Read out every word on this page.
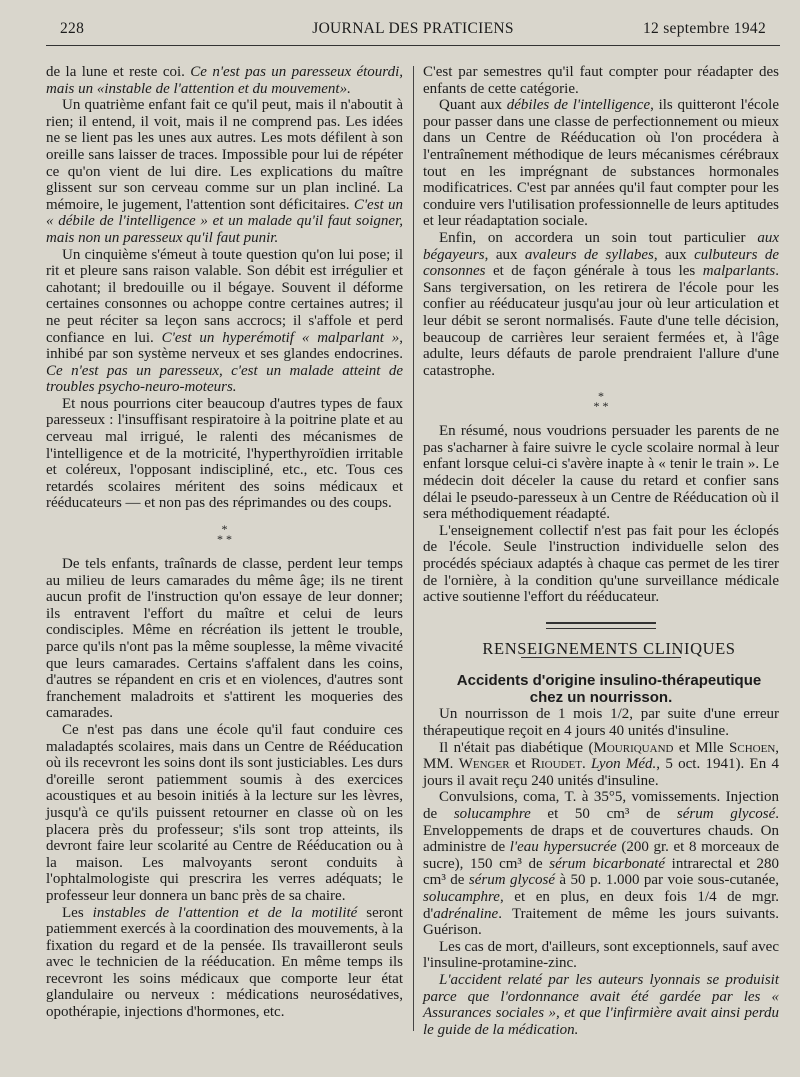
228	JOURNAL DES PRATICIENS	12 septembre 1942

de la lune et reste coi. Ce n'est pas un paresseux étourdi, mais un «instable de l'attention et du mouvement».

Un quatrième enfant fait ce qu'il peut, mais il n'aboutit à rien; il entend, il voit, mais il ne comprend pas. Les idées ne se lient pas les unes aux autres. Les mots défilent à son oreille sans laisser de traces. Impossible pour lui de répéter ce qu'on vient de lui dire. Les explications du maître glissent sur son cerveau comme sur un plan incliné. La mémoire, le jugement, l'attention sont déficitaires. C'est un « débile de l'intelligence » et un malade qu'il faut soigner, mais non un paresseux qu'il faut punir.

Un cinquième s'émeut à toute question qu'on lui pose; il rit et pleure sans raison valable. Son débit est irrégulier et cahotant; il bredouille ou il bégaye. Souvent il déforme certaines consonnes ou achoppe contre certaines autres; il ne peut réciter sa leçon sans accrocs; il s'affole et perd confiance en lui. C'est un hyperémotif « malparlant », inhibé par son système nerveux et ses glandes endocrines. Ce n'est pas un paresseux, c'est un malade atteint de troubles psycho-neuro-moteurs.

Et nous pourrions citer beaucoup d'autres types de faux paresseux : l'insuffisant respiratoire à la poitrine plate et au cerveau mal irrigué, le ralenti des mécanismes de l'intelligence et de la motricité, l'hyperthyroïdien irritable et coléreux, l'opposant indiscipliné, etc., etc. Tous ces retardés scolaires méritent des soins médicaux et rééducateurs — et non pas des réprimandes ou des coups.

*
* *

De tels enfants, traînards de classe, perdent leur temps au milieu de leurs camarades du même âge; ils ne tirent aucun profit de l'instruction qu'on essaye de leur donner; ils entravent l'effort du maître et celui de leurs condisciples. Même en récréation ils jettent le trouble, parce qu'ils n'ont pas la même souplesse, la même vivacité que leurs camarades. Certains s'affalent dans les coins, d'autres se répandent en cris et en violences, d'autres sont franchement maladroits et s'attirent les moqueries des camarades.

Ce n'est pas dans une école qu'il faut conduire ces maladaptés scolaires, mais dans un Centre de Rééducation où ils recevront les soins dont ils sont justiciables. Les durs d'oreille seront patiemment soumis à des exercices acoustiques et au besoin initiés à la lecture sur les lèvres, jusqu'à ce qu'ils puissent retourner en classe où on les placera près du professeur; s'ils sont trop atteints, ils devront faire leur scolarité au Centre de Rééducation ou à la maison. Les malvoyants seront conduits à l'ophtalmologiste qui prescrira les verres adéquats; le professeur leur donnera un banc près de sa chaire.

Les instables de l'attention et de la motilité seront patiemment exercés à la coordination des mouvements, à la fixation du regard et de la pensée. Ils travailleront seuls avec le technicien de la rééducation. En même temps ils recevront les soins médicaux que comporte leur état glandulaire ou nerveux : médications neurosédatives, opothérapie, injections d'hormones, etc.

C'est par semestres qu'il faut compter pour réadapter des enfants de cette catégorie.

Quant aux débiles de l'intelligence, ils quitteront l'école pour passer dans une classe de perfectionnement ou mieux dans un Centre de Rééducation où l'on procédera à l'entraînement méthodique de leurs mécanismes cérébraux tout en les imprégnant de substances hormonales modificatrices. C'est par années qu'il faut compter pour les conduire vers l'utilisation professionnelle de leurs aptitudes et leur réadaptation sociale.

Enfin, on accordera un soin tout particulier aux bégayeurs, aux avaleurs de syllabes, aux culbuteurs de consonnes et de façon générale à tous les malparlants. Sans tergiversation, on les retirera de l'école pour les confier au rééducateur jusqu'au jour où leur articulation et leur débit se seront normalisés. Faute d'une telle décision, beaucoup de carrières leur seraient fermées et, à l'âge adulte, leurs défauts de parole prendraient l'allure d'une catastrophe.

*
* *

En résumé, nous voudrions persuader les parents de ne pas s'acharner à faire suivre le cycle scolaire normal à leur enfant lorsque celui-ci s'avère inapte à « tenir le train ». Le médecin doit déceler la cause du retard et confier sans délai le pseudo-paresseux à un Centre de Rééducation où il sera méthodiquement réadapté.

L'enseignement collectif n'est pas fait pour les éclopés de l'école. Seule l'instruction individuelle selon des procédés spéciaux adaptés à chaque cas permet de les tirer de l'ornière, à la condition qu'une surveillance médicale active soutienne l'effort du rééducateur.

RENSEIGNEMENTS CLINIQUES

Accidents d'origine insulino-thérapeutique
chez un nourrisson.

Un nourrisson de 1 mois 1/2, par suite d'une erreur thérapeutique reçoit en 4 jours 40 unités d'insuline.

Il n'était pas diabétique (Mouriquand et Mlle Schoen, MM. Wenger et Rioudet. Lyon Méd., 5 oct. 1941). En 4 jours il avait reçu 240 unités d'insuline.

Convulsions, coma, T. à 35°5, vomissements. Injection de solucamphre et 50 cm³ de sérum glycosé. Enveloppements de draps et de couvertures chauds. On administre de l'eau hypersucrée (200 gr. et 8 morceaux de sucre), 150 cm³ de sérum bicarbonaté intrarectal et 280 cm³ de sérum glycosé à 50 p. 1.000 par voie sous-cutanée, solucamphre, et en plus, en deux fois 1/4 de mgr. d'adrénaline. Traitement de même les jours suivants. Guérison.

Les cas de mort, d'ailleurs, sont exceptionnels, sauf avec l'insuline-protamine-zinc.

L'accident relaté par les auteurs lyonnais se produisit parce que l'ordonnance avait été gardée par les « Assurances sociales », et que l'infirmière avait ainsi perdu le guide de la médication.
